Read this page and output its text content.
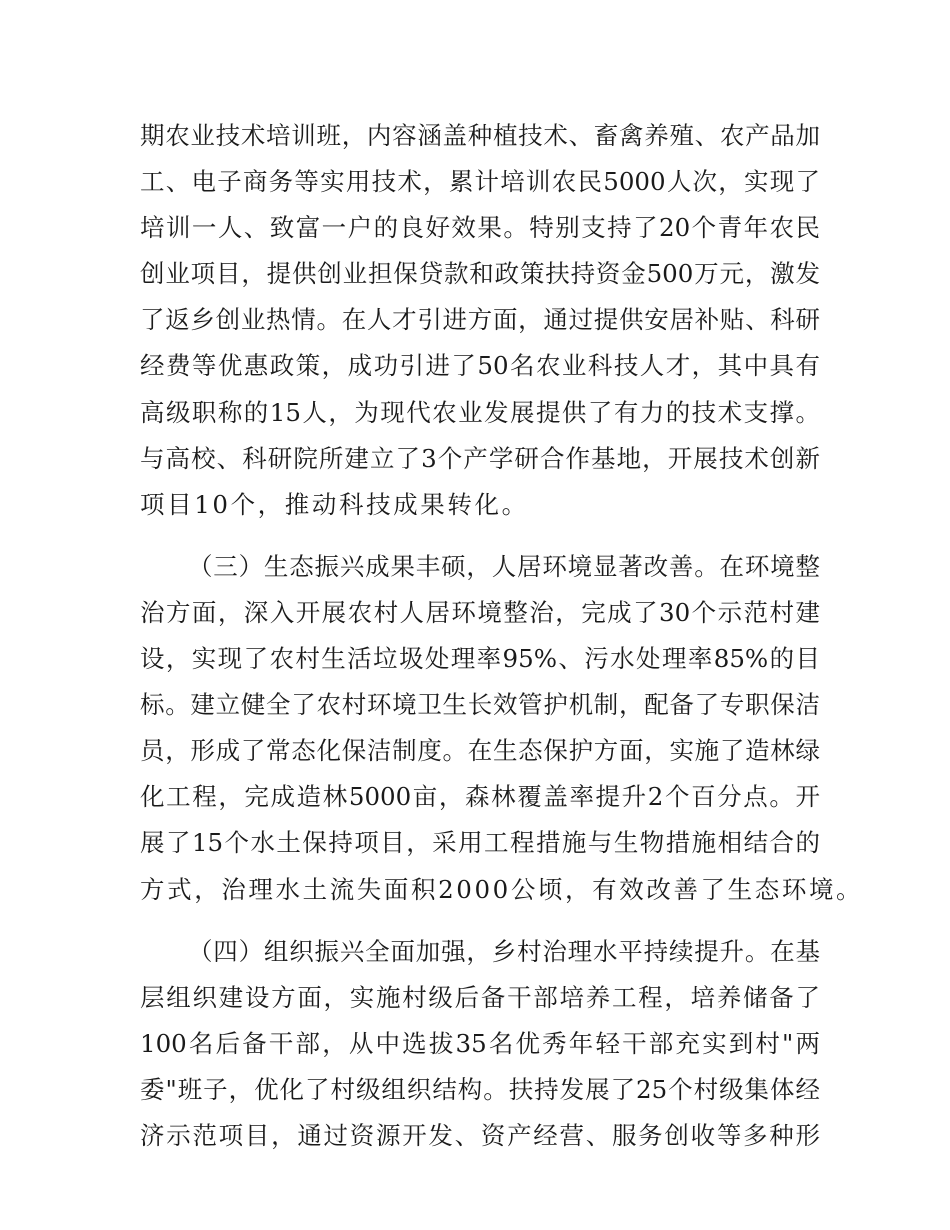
期农业技术培训班，内容涵盖种植技术、畜禽养殖、农产品加
工、电子商务等实用技术，累计培训农民5000人次，实现了
培训一人、致富一户的良好效果。特别支持了20个青年农民
创业项目，提供创业担保贷款和政策扶持资金500万元，激发
了返乡创业热情。在人才引进方面，通过提供安居补贴、科研
经费等优惠政策，成功引进了50名农业科技人才，其中具有
高级职称的15人，为现代农业发展提供了有力的技术支撑。
与高校、科研院所建立了3个产学研合作基地，开展技术创新
项目10个，推动科技成果转化。
（三）生态振兴成果丰硕，人居环境显著改善。在环境整
治方面，深入开展农村人居环境整治，完成了30个示范村建
设，实现了农村生活垃圾处理率95%、污水处理率85%的目
标。建立健全了农村环境卫生长效管护机制，配备了专职保洁
员，形成了常态化保洁制度。在生态保护方面，实施了造林绿
化工程，完成造林5000亩，森林覆盖率提升2个百分点。开
展了15个水土保持项目，采用工程措施与生物措施相结合的
方式，治理水土流失面积2000公顷，有效改善了生态环境。
（四）组织振兴全面加强，乡村治理水平持续提升。在基
层组织建设方面，实施村级后备干部培养工程，培养储备了
100名后备干部，从中选拔35名优秀年轻干部充实到村"两
委"班子，优化了村级组织结构。扶持发展了25个村级集体经
济示范项目，通过资源开发、资产经营、服务创收等多种形
